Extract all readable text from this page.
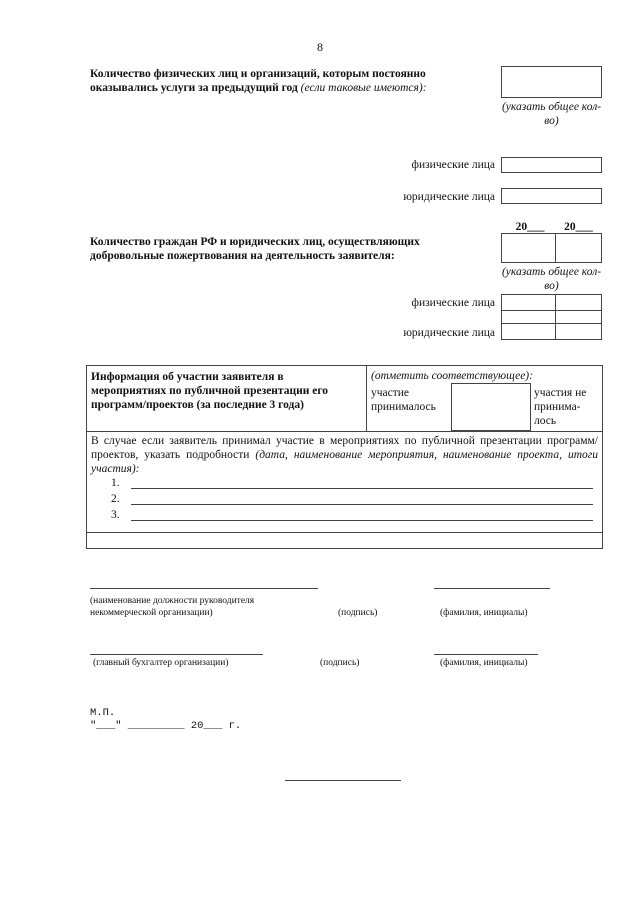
8
Количество физических лиц и организаций, которым постоянно оказывались услуги за предыдущий год (если таковые имеются):
(указать общее кол-во)
физические лица
юридические лица
Количество граждан РФ и юридических лиц, осуществляющих добровольные пожертвования на деятельность заявителя:
20___	20___
(указать общее кол-во)
физические лица
юридические лица
Информация об участии заявителя в мероприятиях по публичной презентации его программ/проектов (за последние 3 года)
(отметить соответствующее):
участие принималось
участия не принима-лось
В случае если заявитель принимал участие в мероприятиях по публичной презентации программ/проектов, указать подробности (дата, наименование мероприятия, наименование проекта, итоги участия):
1.
2.
3.
(наименование должности руководителя некоммерческой организации)	(подпись)	(фамилия, инициалы)
(главный бухгалтер организации)	(подпись)	(фамилия, инициалы)
М.П.
"___" _________ 20___ г.
